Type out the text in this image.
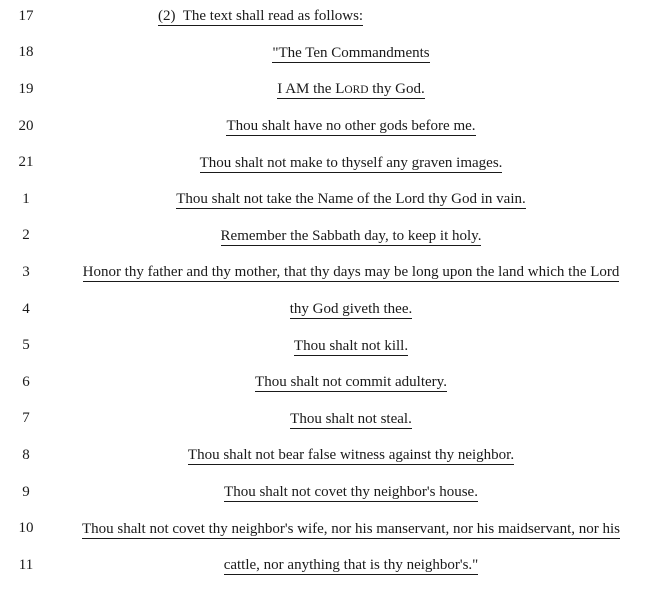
17	(2)  The text shall read as follows:
18	"The Ten Commandments
19	I AM the LORD thy God.
20	Thou shalt have no other gods before me.
21	Thou shalt not make to thyself any graven images.
1	Thou shalt not take the Name of the Lord thy God in vain.
2	Remember the Sabbath day, to keep it holy.
3	Honor thy father and thy mother, that thy days may be long upon the land which the Lord
4	thy God giveth thee.
5	Thou shalt not kill.
6	Thou shalt not commit adultery.
7	Thou shalt not steal.
8	Thou shalt not bear false witness against thy neighbor.
9	Thou shalt not covet thy neighbor's house.
10	Thou shalt not covet thy neighbor's wife, nor his manservant, nor his maidservant, nor his
11	cattle, nor anything that is thy neighbor's."
